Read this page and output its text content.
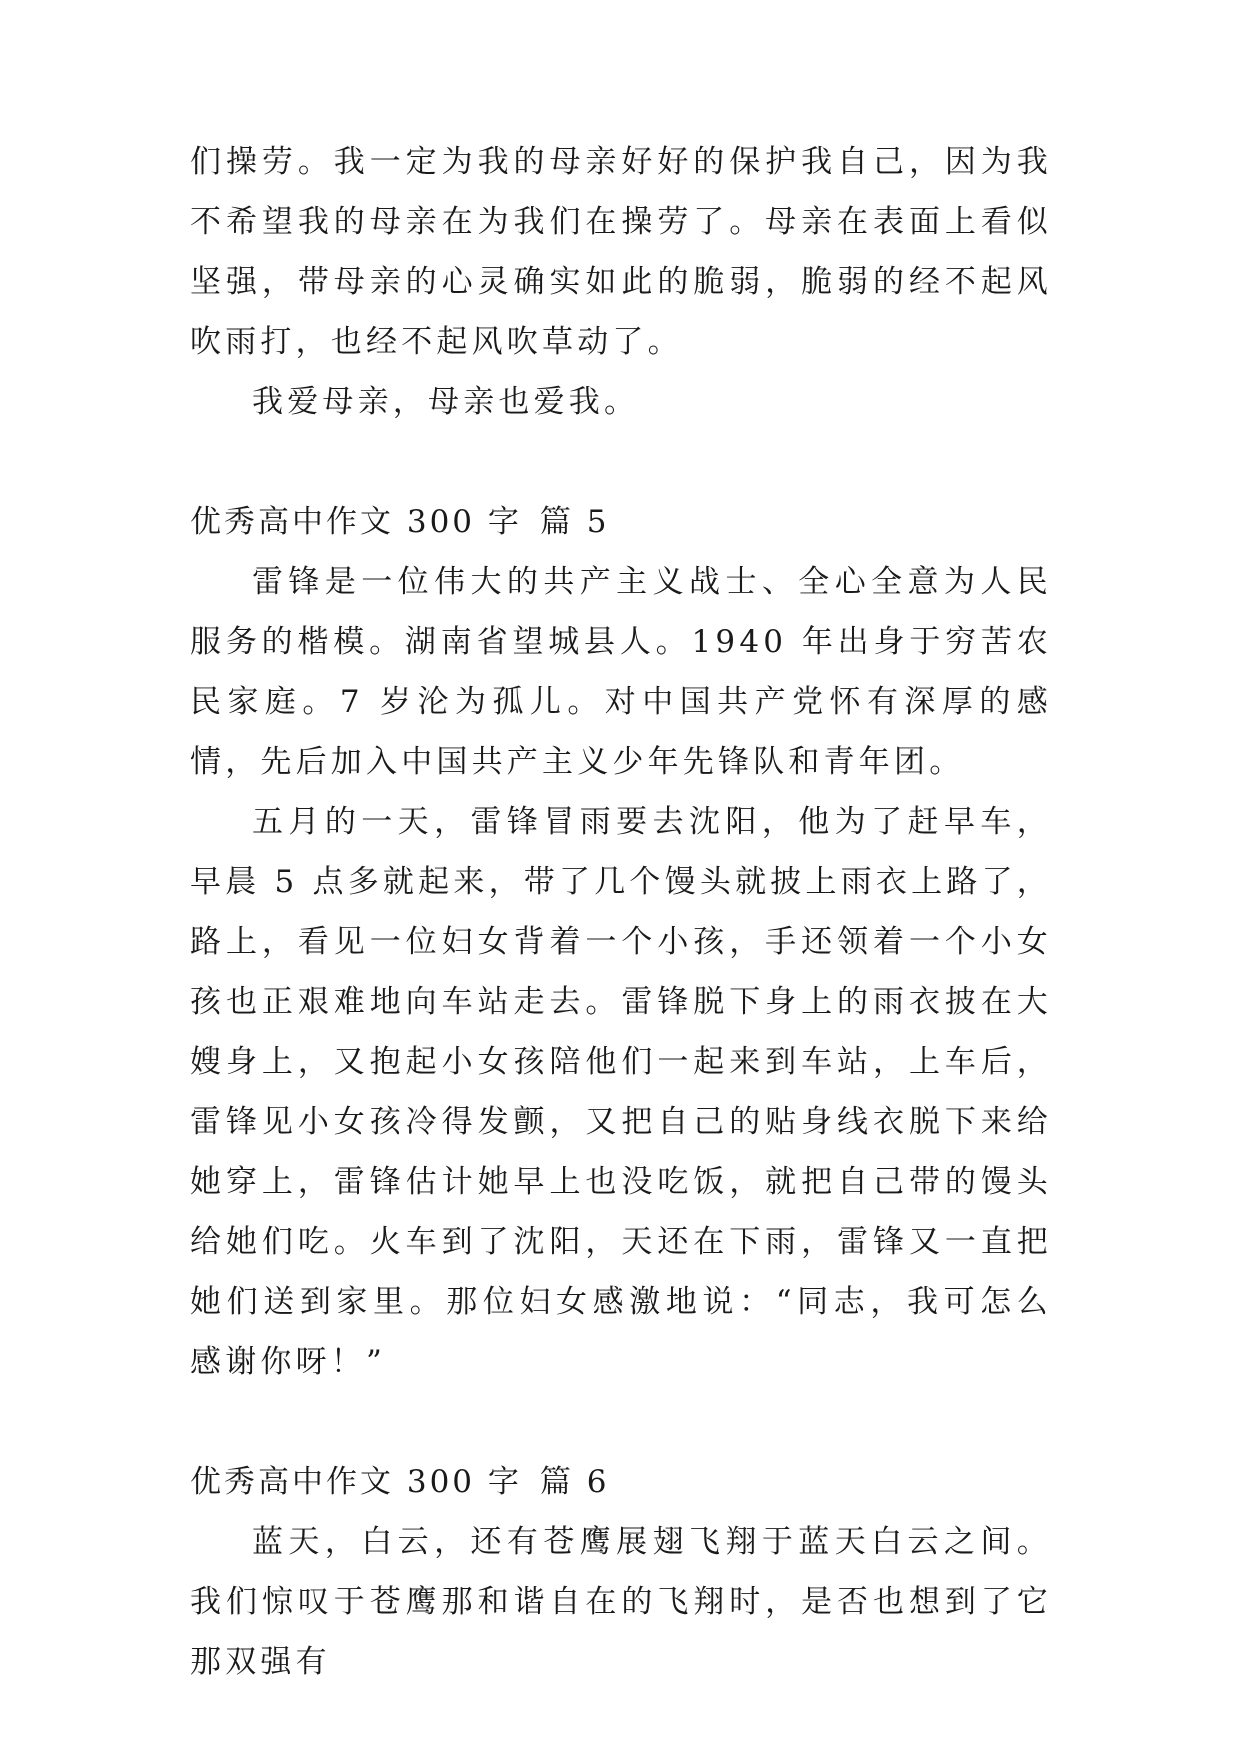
们操劳。我一定为我的母亲好好的保护我自己，因为我不希望我的母亲在为我们在操劳了。母亲在表面上看似坚强，带母亲的心灵确实如此的脆弱，脆弱的经不起风吹雨打，也经不起风吹草动了。

我爱母亲，母亲也爱我。

优秀高中作文 300 字 篇 5

雷锋是一位伟大的共产主义战士、全心全意为人民服务的楷模。湖南省望城县人。1940 年出身于穷苦农民家庭。7 岁沦为孤儿。对中国共产党怀有深厚的感情，先后加入中国共产主义少年先锋队和青年团。

五月的一天，雷锋冒雨要去沈阳，他为了赶早车，早晨 5 点多就起来，带了几个馒头就披上雨衣上路了，路上，看见一位妇女背着一个小孩，手还领着一个小女孩也正艰难地向车站走去。雷锋脱下身上的雨衣披在大嫂身上，又抱起小女孩陪他们一起来到车站，上车后，雷锋见小女孩冷得发颤，又把自己的贴身线衣脱下来给她穿上，雷锋估计她早上也没吃饭，就把自己带的馒头给她们吃。火车到了沈阳，天还在下雨，雷锋又一直把她们送到家里。那位妇女感激地说：“同志，我可怎么感谢你呀！”

优秀高中作文 300 字 篇 6

蓝天，白云，还有苍鹰展翅飞翔于蓝天白云之间。我们惊叹于苍鹰那和谐自在的飞翔时，是否也想到了它那双强有
